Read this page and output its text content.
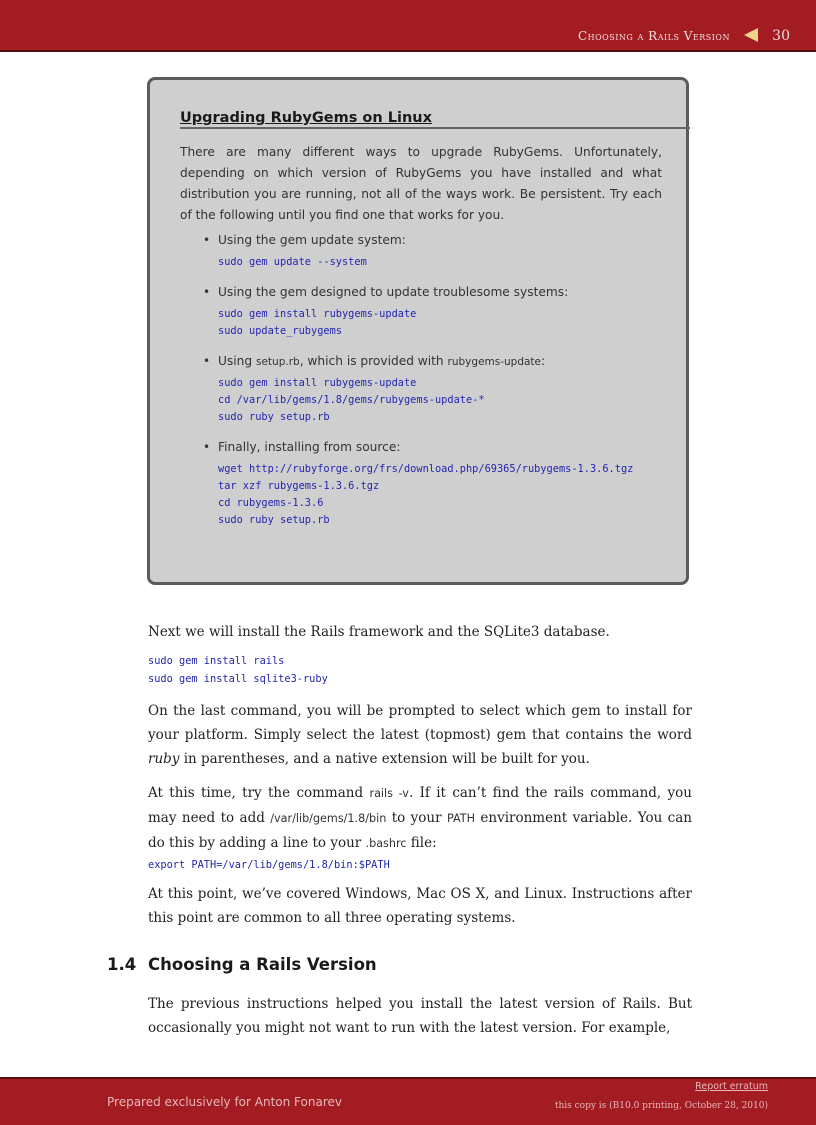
Choosing a Rails Version	30
Upgrading RubyGems on Linux
There are many different ways to upgrade RubyGems. Unfortunately, depending on which version of RubyGems you have installed and what distribution you are running, not all of the ways work. Be persistent. Try each of the following until you find one that works for you.
• Using the gem update system:
sudo gem update --system
• Using the gem designed to update troublesome systems:
sudo gem install rubygems-update
sudo update_rubygems
• Using setup.rb, which is provided with rubygems-update:
sudo gem install rubygems-update
cd /var/lib/gems/1.8/gems/rubygems-update-*
sudo ruby setup.rb
• Finally, installing from source:
wget http://rubyforge.org/frs/download.php/69365/rubygems-1.3.6.tgz
tar xzf rubygems-1.3.6.tgz
cd rubygems-1.3.6
sudo ruby setup.rb

Next we will install the Rails framework and the SQLite3 database.

sudo gem install rails
sudo gem install sqlite3-ruby

On the last command, you will be prompted to select which gem to install for your platform. Simply select the latest (topmost) gem that contains the word ruby in parentheses, and a native extension will be built for you.

At this time, try the command rails -v. If it can’t find the rails command, you may need to add /var/lib/gems/1.8/bin to your PATH environment variable. You can do this by adding a line to your .bashrc file:

export PATH=/var/lib/gems/1.8/bin:$PATH

At this point, we’ve covered Windows, Mac OS X, and Linux. Instructions after this point are common to all three operating systems.

1.4 Choosing a Rails Version

The previous instructions helped you install the latest version of Rails. But occasionally you might not want to run with the latest version. For example,

Prepared exclusively for Anton Fonarev
Report erratum
this copy is (B10.0 printing, October 28, 2010)
